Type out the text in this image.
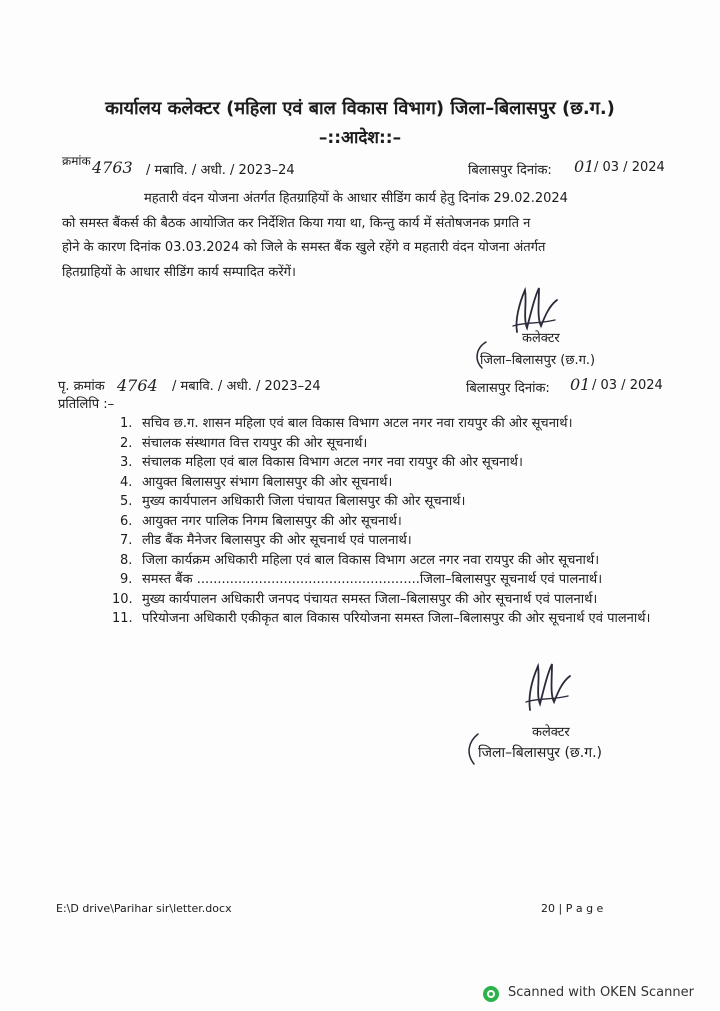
कार्यालय कलेक्टर (महिला एवं बाल विकास विभाग) जिला–बिलासपुर (छ.ग.)
–::आदेश::–
क्रमांक 4763 / मबावि. / अधी. / 2023–24	बिलासपुर दिनांक: 01 / 03 / 2024

महतारी वंदन योजना अंतर्गत हितग्राहियों के आधार सीडिंग कार्य हेतु दिनांक 29.02.2024

को समस्त बैंकर्स की बैठक आयोजित कर निर्देशित किया गया था, किन्तु कार्य में संतोषजनक प्रगति न

होने के कारण दिनांक 03.03.2024 को जिले के समस्त बैंक खुले रहेंगे व महतारी वंदन योजना अंतर्गत

हितग्राहियों के आधार सीडिंग कार्य सम्पादित करेंगें।

कलेक्टर
जिला–बिलासपुर (छ.ग.)
पृ. क्रमांक 4764 / मबावि. / अधी. / 2023–24	बिलासपुर दिनांक: 01 / 03 / 2024
प्रतिलिपि :–
1. सचिव छ.ग. शासन महिला एवं बाल विकास विभाग अटल नगर नवा रायपुर की ओर सूचनार्थ।
2. संचालक संस्थागत वित्त रायपुर की ओर सूचनार्थ।
3. संचालक महिला एवं बाल विकास विभाग अटल नगर नवा रायपुर की ओर सूचनार्थ।
4. आयुक्त बिलासपुर संभाग बिलासपुर की ओर सूचनार्थ।
5. मुख्य कार्यपालन अधिकारी जिला पंचायत बिलासपुर की ओर सूचनार्थ।
6. आयुक्त नगर पालिक निगम बिलासपुर की ओर सूचनार्थ।
7. लीड बैंक मैनेजर बिलासपुर की ओर सूचनार्थ एवं पालनार्थ।
8. जिला कार्यक्रम अधिकारी महिला एवं बाल विकास विभाग अटल नगर नवा रायपुर की ओर सूचनार्थ।
9. समस्त बैंक ......................................................जिला–बिलासपुर सूचनार्थ एवं पालनार्थ।
10. मुख्य कार्यपालन अधिकारी जनपद पंचायत समस्त जिला–बिलासपुर की ओर सूचनार्थ एवं पालनार्थ।
11. परियोजना अधिकारी एकीकृत बाल विकास परियोजना समस्त जिला–बिलासपुर की ओर सूचनार्थ एवं पालनार्थ।
कलेक्टर
जिला–बिलासपुर (छ.ग.)
E:\D drive\Parihar sir\letter.docx	20 | P a g e
Scanned with OKEN Scanner
